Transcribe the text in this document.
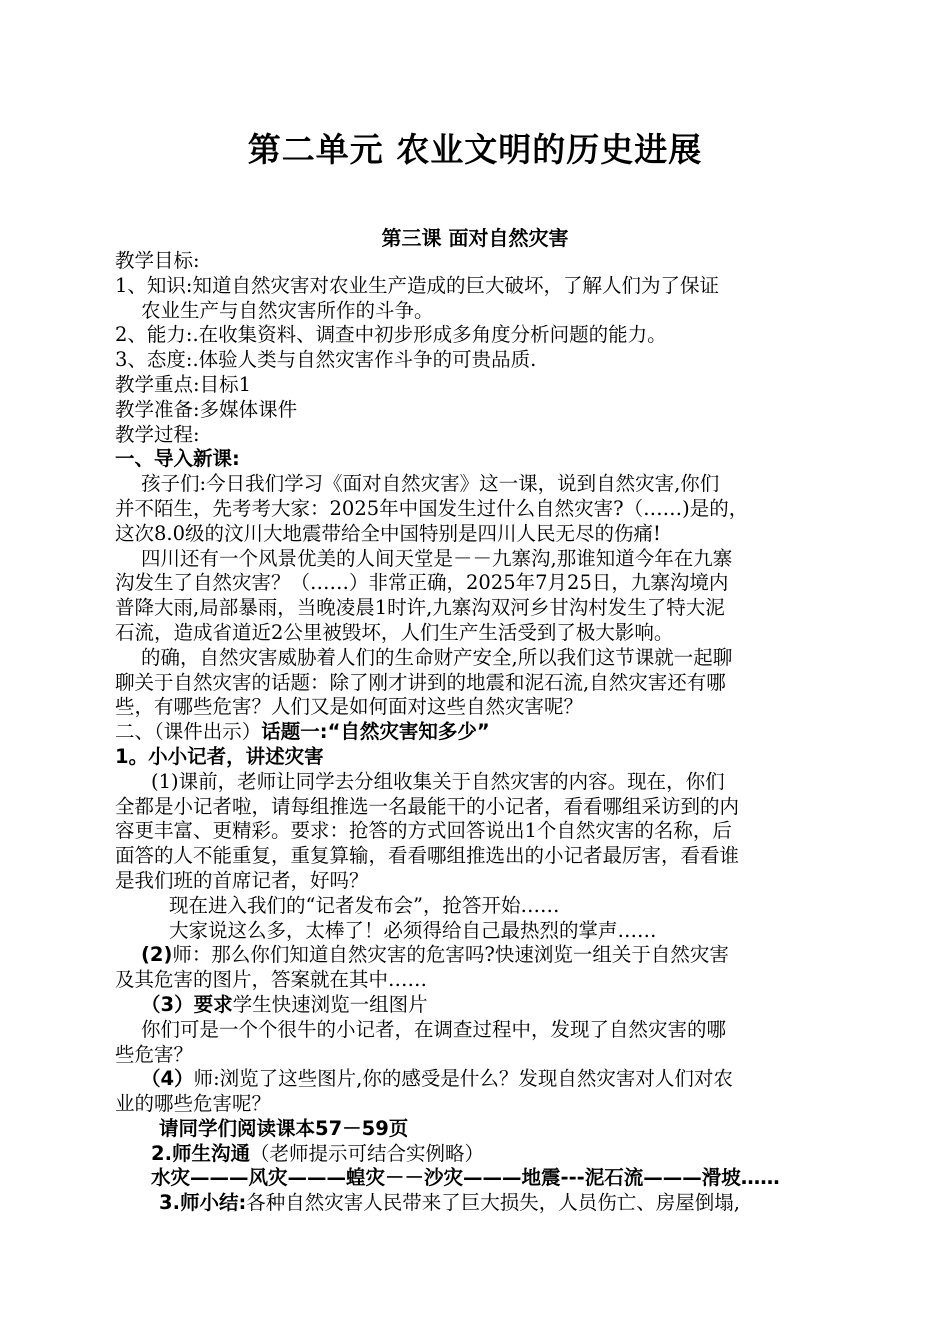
第二单元 农业文明的历史进展
第三课 面对自然灾害
教学目标:
1、知识:知道自然灾害对农业生产造成的巨大破坏，了解人们为了保证
农业生产与自然灾害所作的斗争。
2、能力:.在收集资料、调查中初步形成多角度分析问题的能力。
3、态度:.体验人类与自然灾害作斗争的可贵品质.
教学重点:目标1
教学准备:多媒体课件
教学过程:
一、导入新课:
孩子们:今日我们学习《面对自然灾害》这一课，说到自然灾害,你们
并不陌生，先考考大家：2025年中国发生过什么自然灾害?（……)是的，
这次8.0级的汶川大地震带给全中国特别是四川人民无尽的伤痛!
四川还有一个风景优美的人间天堂是－－九寨沟,那谁知道今年在九寨
沟发生了自然灾害？（……）非常正确，2025年7月25日，九寨沟境内
普降大雨,局部暴雨，当晚凌晨1时许,九寨沟双河乡甘沟村发生了特大泥
石流，造成省道近2公里被毁坏，人们生产生活受到了极大影响。
的确，自然灾害威胁着人们的生命财产安全,所以我们这节课就一起聊
聊关于自然灾害的话题：除了刚才讲到的地震和泥石流,自然灾害还有哪
些，有哪些危害？人们又是如何面对这些自然灾害呢？
二、（课件出示）话题一:“自然灾害知多少”
1。小小记者，讲述灾害
(1)课前，老师让同学去分组收集关于自然灾害的内容。现在，你们
全都是小记者啦，请每组推选一名最能干的小记者，看看哪组采访到的内
容更丰富、更精彩。要求：抢答的方式回答说出1个自然灾害的名称，后
面答的人不能重复，重复算输，看看哪组推选出的小记者最厉害，看看谁
是我们班的首席记者，好吗？
现在进入我们的“记者发布会”，抢答开始……
大家说这么多，太棒了！必须得给自己最热烈的掌声……
(2)师：那么你们知道自然灾害的危害吗?快速浏览一组关于自然灾害
及其危害的图片，答案就在其中……
（3）要求学生快速浏览一组图片
你们可是一个个很牛的小记者，在调查过程中，发现了自然灾害的哪
些危害？
（4）师:浏览了这些图片,你的感受是什么？发现自然灾害对人们对农
业的哪些危害呢？
请同学们阅读课本57－59页
2.师生沟通（老师提示可结合实例略）
水灾———风灾———蝗灾－－沙灾———地震---泥石流———滑坡……
3.师小结:各种自然灾害人民带来了巨大损失，人员伤亡、房屋倒塌,
